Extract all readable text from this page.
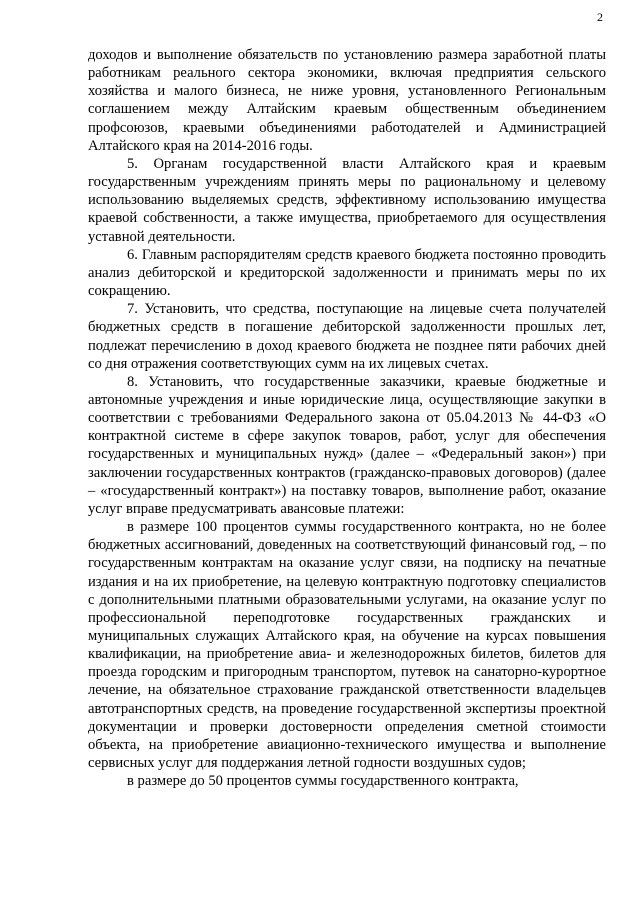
2

доходов и выполнение обязательств по установлению размера заработной платы работникам реального сектора экономики, включая предприятия сельского хозяйства и малого бизнеса, не ниже уровня, установленного Региональным соглашением между Алтайским краевым общественным объединением профсоюзов, краевыми объединениями работодателей и Администрацией Алтайского края на 2014-2016 годы.

5. Органам государственной власти Алтайского края и краевым государственным учреждениям принять меры по рациональному и целевому использованию выделяемых средств, эффективному использованию имущества краевой собственности, а также имущества, приобретаемого для осуществления уставной деятельности.

6. Главным распорядителям средств краевого бюджета постоянно проводить анализ дебиторской и кредиторской задолженности и принимать меры по их сокращению.

7. Установить, что средства, поступающие на лицевые счета получателей бюджетных средств в погашение дебиторской задолженности прошлых лет, подлежат перечислению в доход краевого бюджета не позднее пяти рабочих дней со дня отражения соответствующих сумм на их лицевых счетах.

8. Установить, что государственные заказчики, краевые бюджетные и автономные учреждения и иные юридические лица, осуществляющие закупки в соответствии с требованиями Федерального закона от 05.04.2013 № 44-ФЗ «О контрактной системе в сфере закупок товаров, работ, услуг для обеспечения государственных и муниципальных нужд» (далее – «Федеральный закон») при заключении государственных контрактов (гражданско-правовых договоров) (далее – «государственный контракт») на поставку товаров, выполнение работ, оказание услуг вправе предусматривать авансовые платежи:

в размере 100 процентов суммы государственного контракта, но не более бюджетных ассигнований, доведенных на соответствующий финансовый год, – по государственным контрактам на оказание услуг связи, на подписку на печатные издания и на их приобретение, на целевую контрактную подготовку специалистов с дополнительными платными образовательными услугами, на оказание услуг по профессиональной переподготовке государственных гражданских и муниципальных служащих Алтайского края, на обучение на курсах повышения квалификации, на приобретение авиа- и железнодорожных билетов, билетов для проезда городским и пригородным транспортом, путевок на санаторно-курортное лечение, на обязательное страхование гражданской ответственности владельцев автотранспортных средств, на проведение государственной экспертизы проектной документации и проверки достоверности определения сметной стоимости объекта, на приобретение авиационно-технического имущества и выполнение сервисных услуг для поддержания летной годности воздушных судов;

в размере до 50 процентов суммы государственного контракта,
